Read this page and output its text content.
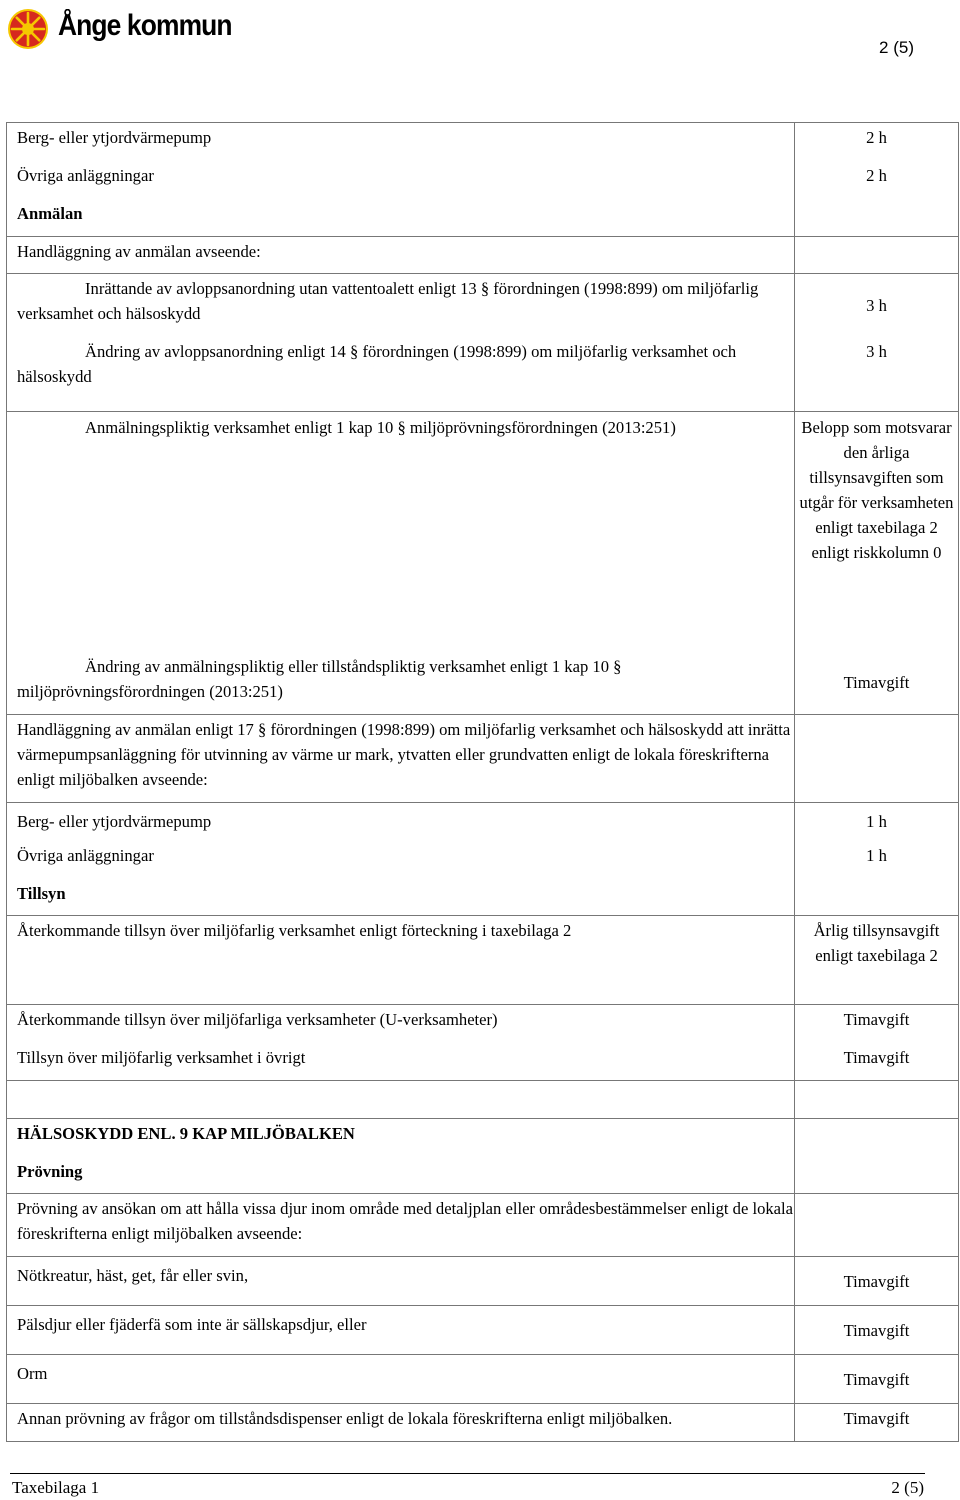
Ånge kommun
2 (5)
Berg- eller ytjordvärmepump	2 h
Övriga anläggningar	2 h
Anmälan	
Handläggning av anmälan avseende:	
Inrättande av avloppsanordning utan vattentoalett enligt 13 § förordningen (1998:899) om miljöfarlig verksamhet och hälsoskydd	3 h
Ändring av avloppsanordning enligt 14 § förordningen (1998:899) om miljöfarlig verksamhet och hälsoskydd	3 h
Anmälningspliktig verksamhet enligt 1 kap 10 § miljöprövningsförordningen (2013:251)	Belopp som motsvarar den årliga tillsynsavgiften som utgår för verksamheten enligt taxebilaga 2 enligt riskkolumn 0
Ändring av anmälningspliktig eller tillståndspliktig verksamhet enligt 1 kap 10 § miljöprövningsförordningen (2013:251)	Timavgift
Handläggning av anmälan enligt 17 § förordningen (1998:899) om miljöfarlig verksamhet och hälsoskydd att inrätta värmepumpsanläggning för utvinning av värme ur mark, ytvatten eller grundvatten enligt de lokala föreskrifterna enligt miljöbalken avseende:	
Berg- eller ytjordvärmepump	1 h
Övriga anläggningar	1 h
Tillsyn	
Återkommande tillsyn över miljöfarlig verksamhet enligt förteckning i taxebilaga 2	Årlig tillsynsavgift enligt taxebilaga 2
Återkommande tillsyn över miljöfarliga verksamheter (U-verksamheter)	Timavgift
Tillsyn över miljöfarlig verksamhet i övrigt	Timavgift

HÄLSOSKYDD ENL. 9 KAP MILJÖBALKEN	
Prövning	
Prövning av ansökan om att hålla vissa djur inom område med detaljplan eller områdesbestämmelser enligt de lokala föreskrifterna enligt miljöbalken avseende:	
Nötkreatur, häst, get, får eller svin,	Timavgift
Pälsdjur eller fjäderfä som inte är sällskapsdjur, eller	Timavgift
Orm	Timavgift
Annan prövning av frågor om tillståndsdispenser enligt de lokala föreskrifterna enligt miljöbalken.	Timavgift
Taxebilaga 1	2 (5)
